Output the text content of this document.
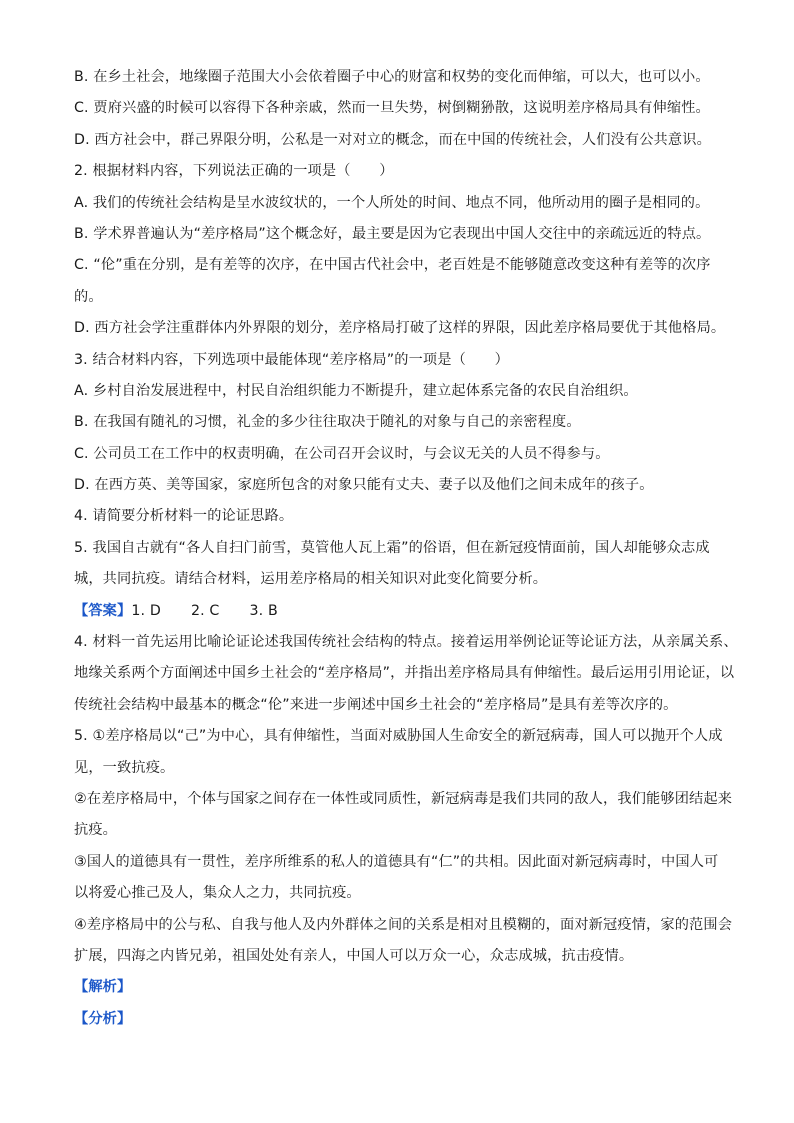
B. 在乡土社会，地缘圈子范围大小会依着圈子中心的财富和权势的变化而伸缩，可以大，也可以小。
C. 贾府兴盛的时候可以容得下各种亲戚，然而一旦失势，树倒糊狲散，这说明差序格局具有伸缩性。
D. 西方社会中，群己界限分明，公私是一对对立的概念，而在中国的传统社会，人们没有公共意识。
2. 根据材料内容，下列说法正确的一项是（　　）
A. 我们的传统社会结构是呈水波纹状的，一个人所处的时间、地点不同，他所动用的圈子是相同的。
B. 学术界普遍认为“差序格局”这个概念好，最主要是因为它表现出中国人交往中的亲疏远近的特点。
C. “伦”重在分别，是有差等的次序，在中国古代社会中，老百姓是不能够随意改变这种有差等的次序
的。
D. 西方社会学注重群体内外界限的划分，差序格局打破了这样的界限，因此差序格局要优于其他格局。
3. 结合材料内容，下列选项中最能体现“差序格局”的一项是（　　）
A. 乡村自治发展进程中，村民自治组织能力不断提升，建立起体系完备的农民自治组织。
B. 在我国有随礼的习惯，礼金的多少往往取决于随礼的对象与自己的亲密程度。
C. 公司员工在工作中的权责明确，在公司召开会议时，与会议无关的人员不得参与。
D. 在西方英、美等国家，家庭所包含的对象只能有丈夫、妻子以及他们之间未成年的孩子。
4. 请简要分析材料一的论证思路。
5. 我国自古就有“各人自扫门前雪，莫管他人瓦上霜”的俗语，但在新冠疫情面前，国人却能够众志成
城，共同抗疫。请结合材料，运用差序格局的相关知识对此变化简要分析。
【答案】1. D 2. C 3. B
4. 材料一首先运用比喻论证论述我国传统社会结构的特点。接着运用举例论证等论证方法，从亲属关系、
地缘关系两个方面阐述中国乡土社会的“差序格局”，并指出差序格局具有伸缩性。最后运用引用论证，以
传统社会结构中最基本的概念“伦”来进一步阐述中国乡土社会的“差序格局”是具有差等次序的。
5. ①差序格局以“己”为中心，具有伸缩性，当面对威胁国人生命安全的新冠病毒，国人可以抛开个人成
见，一致抗疫。
②在差序格局中，个体与国家之间存在一体性或同质性，新冠病毒是我们共同的敌人，我们能够团结起来
抗疫。
③国人的道德具有一贯性，差序所维系的私人的道德具有“仁”的共相。因此面对新冠病毒时，中国人可
以将爱心推己及人，集众人之力，共同抗疫。
④差序格局中的公与私、自我与他人及内外群体之间的关系是相对且模糊的，面对新冠疫情，家的范围会
扩展，四海之内皆兄弟，祖国处处有亲人，中国人可以万众一心，众志成城，抗击疫情。
【解析】
【分析】
